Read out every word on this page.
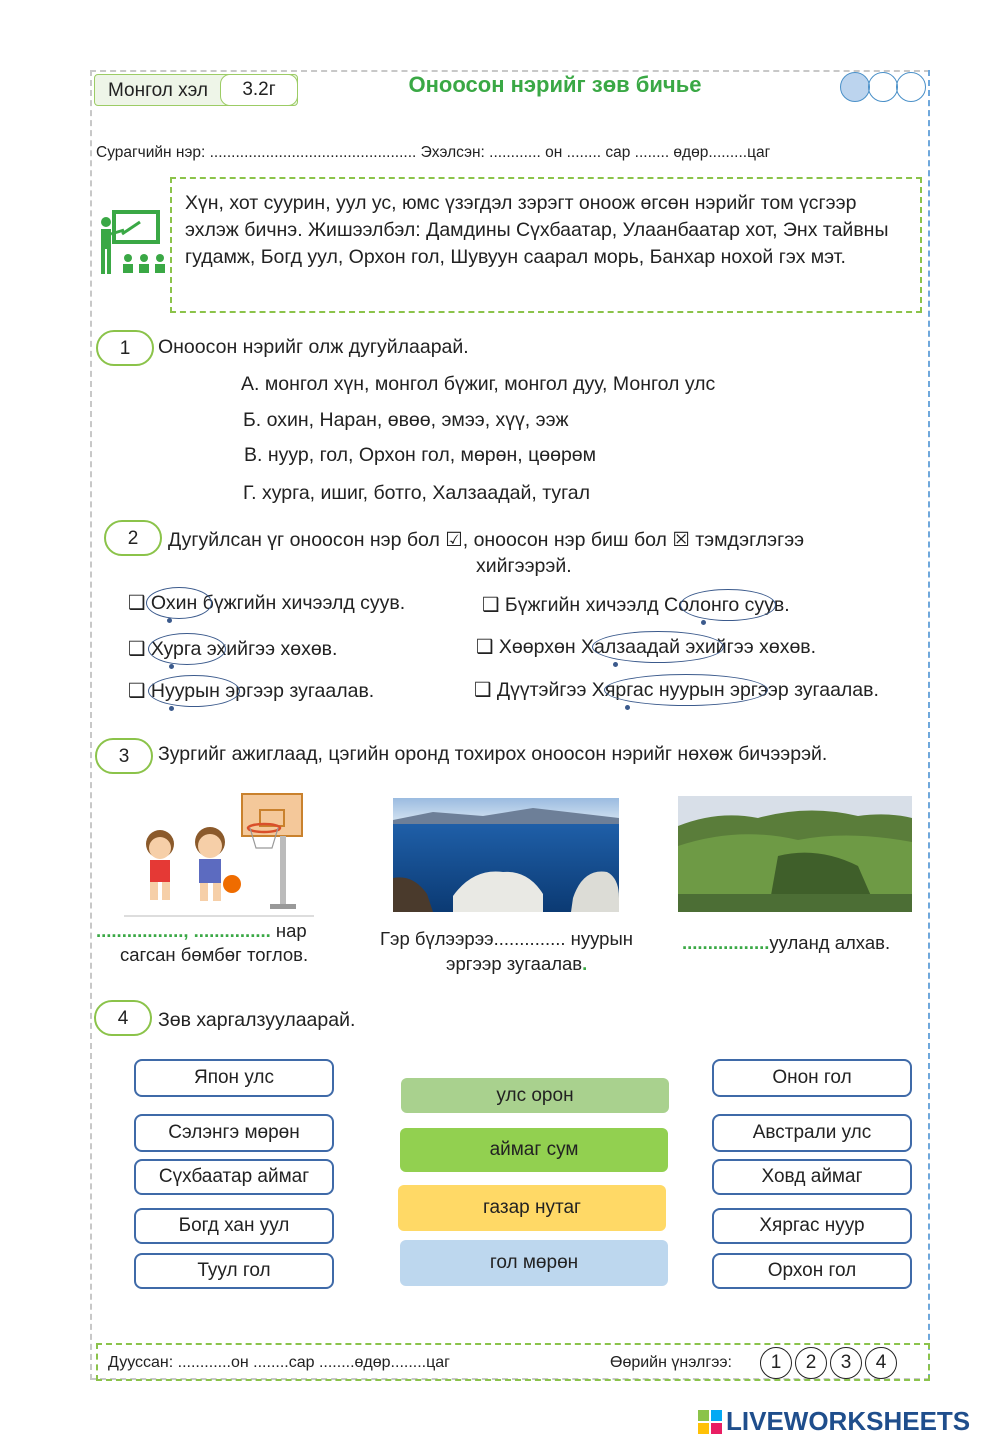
Монгол хэл	3.2г	Оноосон нэрийг зөв бичье
Сурагчийн нэр: ................................................ Эхэлсэн: ............ он ........ сар ........ өдөр.........цаг
Хүн, хот суурин, уул ус, юмс үзэгдэл зэрэгт оноож өгсөн нэрийг том үсгээр эхлэж бичнэ. Жишээлбэл: Дамдины Сүхбаатар, Улаанбаатар хот, Энх тайвны гудамж, Богд уул, Орхон гол, Шувуун саарал морь, Банхар нохой гэх мэт.
1	Оноосон нэрийг олж дугуйлаарай.
А. монгол хүн, монгол бүжиг, монгол дуу, Монгол улс
Б. охин, Наран, өвөө, эмээ, хүү, ээж
В. нуур, гол, Орхон гол, мөрөн, цөөрөм
Г. хурга, ишиг, ботго, Халзаадай, тугал
2	Дугуйлсан үг оноосон нэр бол ☑, оноосон нэр биш бол ☒ тэмдэглэгээ
хийгээрэй.
❑ Охин бүжгийн хичээлд суув.	❑ Бүжгийн хичээлд Солонго суув.
❑ Хурга эхийгээ хөхөв.	❑ Хөөрхөн Халзаадай эхийгээ хөхөв.
❑ Нуурын эргээр зугаалав.	❑ Дүүтэйгээ Хяргас нуурын эргээр зугаалав.
3	Зургийг ажиглаад, цэгийн оронд тохирох оноосон нэрийг нөхөж бичээрэй.
................., ............... нар
сагсан бөмбөг тоглов.
Гэр бүлээрээ.............. нуурын
эргээр зугаалав.
.................ууланд алхав.
4	Зөв харгалзуулаарай.
Япон улс
Сэлэнгэ мөрөн
Сүхбаатар аймаг
Богд хан уул
Туул гол
улс орон
аймаг сум
газар нутаг
гол мөрөн
Онон гол
Австрали улс
Ховд аймаг
Хяргас нуур
Орхон гол
Дууссан: ............он ........сар ........өдөр........цаг	Өөрийн үнэлгээ:	1	2	3	4
LIVEWORKSHEETS
